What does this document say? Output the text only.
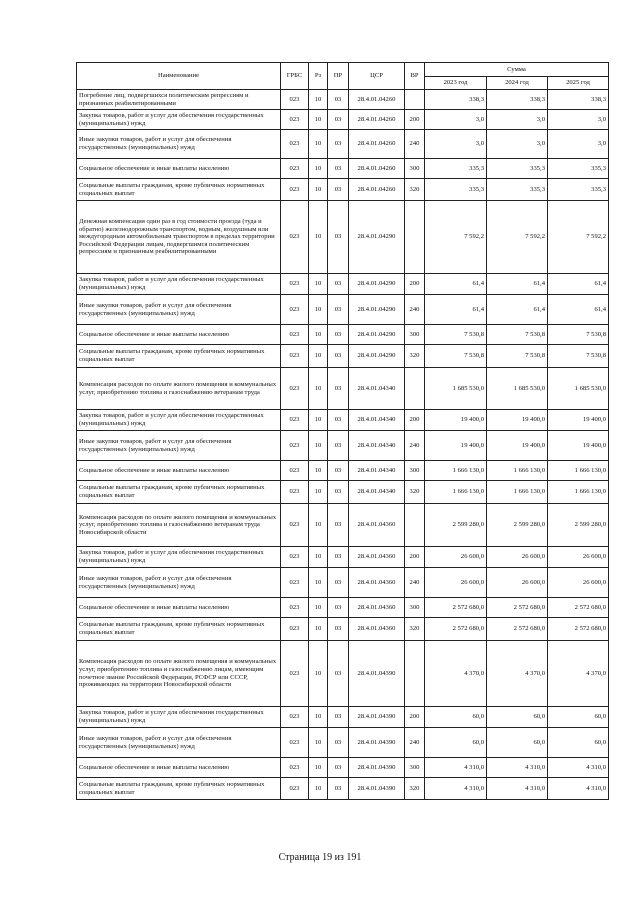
Наименование	ГРБС	Рз	ПР	ЦСР	ВР	Сумма		
						2023 год	2024 год	2025 год
Погребение лиц, подвергшихся политическим репрессиям и признанных реабилитированными	023	10	03	28.4.01.04260		338,3	338,3	338,3
Закупка товаров, работ и услуг для обеспечения государственных (муниципальных) нужд	023	10	03	28.4.01.04260	200	3,0	3,0	3,0
Иные закупки товаров, работ и услуг для обеспечения государственных (муниципальных) нужд	023	10	03	28.4.01.04260	240	3,0	3,0	3,0
Социальное обеспечение и иные выплаты населению	023	10	03	28.4.01.04260	300	335,3	335,3	335,3
Социальные выплаты гражданам, кроме публичных нормативных социальных выплат	023	10	03	28.4.01.04260	320	335,3	335,3	335,3
Денежная компенсация один раз в год стоимости проезда (туда и обратно) железнодорожным транспортом, водным, воздушным или междугородным автомобильным транспортом в пределах территории Российской Федерации лицам, подвергшимся политическим репрессиям и признанным реабилитированными	023	10	03	28.4.01.04290		7 592,2	7 592,2	7 592,2
Закупка товаров, работ и услуг для обеспечения государственных (муниципальных) нужд	023	10	03	28.4.01.04290	200	61,4	61,4	61,4
Иные закупки товаров, работ и услуг для обеспечения государственных (муниципальных) нужд	023	10	03	28.4.01.04290	240	61,4	61,4	61,4
Социальное обеспечение и иные выплаты населению	023	10	03	28.4.01.04290	300	7 530,8	7 530,8	7 530,8
Социальные выплаты гражданам, кроме публичных нормативных социальных выплат	023	10	03	28.4.01.04290	320	7 530,8	7 530,8	7 530,8
Компенсация расходов по оплате жилого помещения и коммунальных услуг, приобретению топлива и газоснабжению ветеранам труда	023	10	03	28.4.01.04340		1 685 530,0	1 685 530,0	1 685 530,0
Закупка товаров, работ и услуг для обеспечения государственных (муниципальных) нужд	023	10	03	28.4.01.04340	200	19 400,0	19 400,0	19 400,0
Иные закупки товаров, работ и услуг для обеспечения государственных (муниципальных) нужд	023	10	03	28.4.01.04340	240	19 400,0	19 400,0	19 400,0
Социальное обеспечение и иные выплаты населению	023	10	03	28.4.01.04340	300	1 666 130,0	1 666 130,0	1 666 130,0
Социальные выплаты гражданам, кроме публичных нормативных социальных выплат	023	10	03	28.4.01.04340	320	1 666 130,0	1 666 130,0	1 666 130,0
Компенсация расходов по оплате жилого помещения и коммунальных услуг, приобретению топлива и газоснабжению ветеранам труда Новосибирской области	023	10	03	28.4.01.04360		2 599 280,0	2 599 280,0	2 599 280,0
Закупка товаров, работ и услуг для обеспечения государственных (муниципальных) нужд	023	10	03	28.4.01.04360	200	26 600,0	26 600,0	26 600,0
Иные закупки товаров, работ и услуг для обеспечения государственных (муниципальных) нужд	023	10	03	28.4.01.04360	240	26 600,0	26 600,0	26 600,0
Социальное обеспечение и иные выплаты населению	023	10	03	28.4.01.04360	300	2 572 680,0	2 572 680,0	2 572 680,0
Социальные выплаты гражданам, кроме публичных нормативных социальных выплат	023	10	03	28.4.01.04360	320	2 572 680,0	2 572 680,0	2 572 680,0
Компенсация расходов по оплате жилого помещения и коммунальных услуг, приобретению топлива и газоснабжению лицам, имеющим почетное звание Российской Федерации, РСФСР или СССР, проживающих на территории Новосибирской области	023	10	03	28.4.01.04390		4 370,0	4 370,0	4 370,0
Закупка товаров, работ и услуг для обеспечения государственных (муниципальных) нужд	023	10	03	28.4.01.04390	200	60,0	60,0	60,0
Иные закупки товаров, работ и услуг для обеспечения государственных (муниципальных) нужд	023	10	03	28.4.01.04390	240	60,0	60,0	60,0
Социальное обеспечение и иные выплаты населению	023	10	03	28.4.01.04390	300	4 310,0	4 310,0	4 310,0
Социальные выплаты гражданам, кроме публичных нормативных социальных выплат	023	10	03	28.4.01.04390	320	4 310,0	4 310,0	4 310,0
Страница 19 из 191
